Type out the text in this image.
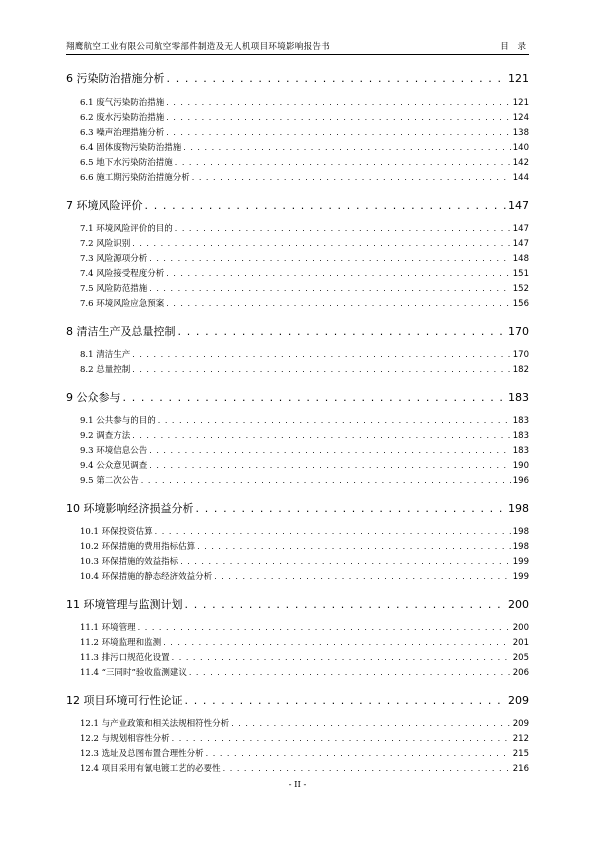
翔鹰航空工业有限公司航空零部件制造及无人机项目环境影响报告书	目 录
6 污染防治措施分析 . . .	121
6.1 废气污染防治措施 . . .	121
6.2 废水污染防治措施 . . .	124
6.3 噪声治理措施分析 . . .	138
6.4 固体废物污染防治措施 . . .	140
6.5 地下水污染防治措施 . . .	142
6.6 施工期污染防治措施分析 . . .	144
7 环境风险评价 . . .	147
7.1 环境风险评价的目的 . . .	147
7.2 风险识别 . . .	147
7.3 风险源项分析 . . .	148
7.4 风险接受程度分析 . . .	151
7.5 风险防范措施 . . .	152
7.6 环境风险应急预案 . . .	156
8 清洁生产及总量控制 . . .	170
8.1 清洁生产 . . .	170
8.2 总量控制 . . .	182
9 公众参与 . . .	183
9.1 公共参与的目的 . . .	183
9.2 调查方法 . . .	183
9.3 环境信息公告 . . .	183
9.4 公众意见调查 . . .	190
9.5 第二次公告 . . .	196
10 环境影响经济损益分析 . . .	198
10.1 环保投资估算 . . .	198
10.2 环保措施的费用指标估算 . . .	198
10.3 环保措施的效益指标 . . .	199
10.4 环保措施的静态经济效益分析 . . .	199
11 环境管理与监测计划 . . .	200
11.1 环境管理 . . .	200
11.2 环境监理和监测 . . .	201
11.3 排污口规范化设置 . . .	205
11.4 “三同时”验收监测建议 . . .	206
12 项目环境可行性论证 . . .	209
12.1 与产业政策和相关法规相符性分析 . . .	209
12.2 与规划相容性分析 . . .	212
12.3 选址及总图布置合理性分析 . . .	215
12.4 项目采用有氰电镀工艺的必要性 . . .	216
- II -
